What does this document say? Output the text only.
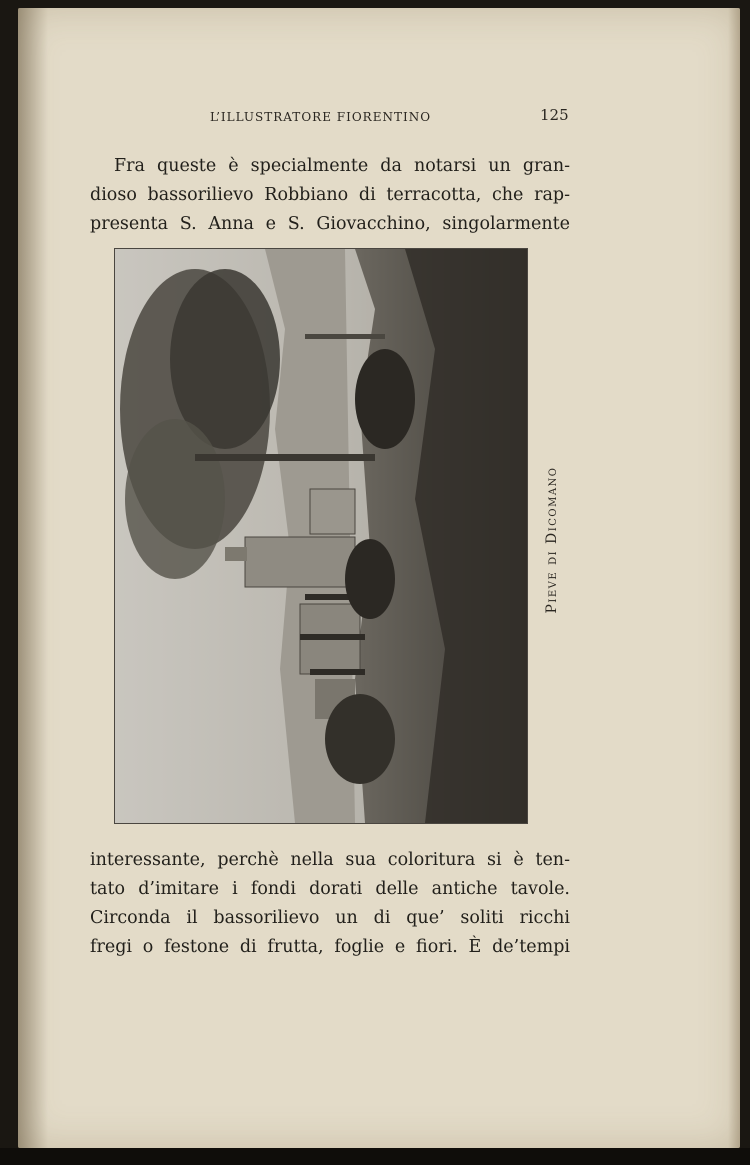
L’ILLUSTRATORE FIORENTINO	125
Fra queste è specialmente da notarsi un gran-
dioso bassorilievo Robbiano di terracotta, che rap-
presenta S. Anna e S. Giovacchino, singolarmente
Pieve di Dicomano
interessante, perchè nella sua coloritura si è ten-
tato d’imitare i fondi dorati delle antiche tavole.
Circonda il bassorilievo un di que’ soliti ricchi
fregi o festone di frutta, foglie e fiori. È de’tempi
